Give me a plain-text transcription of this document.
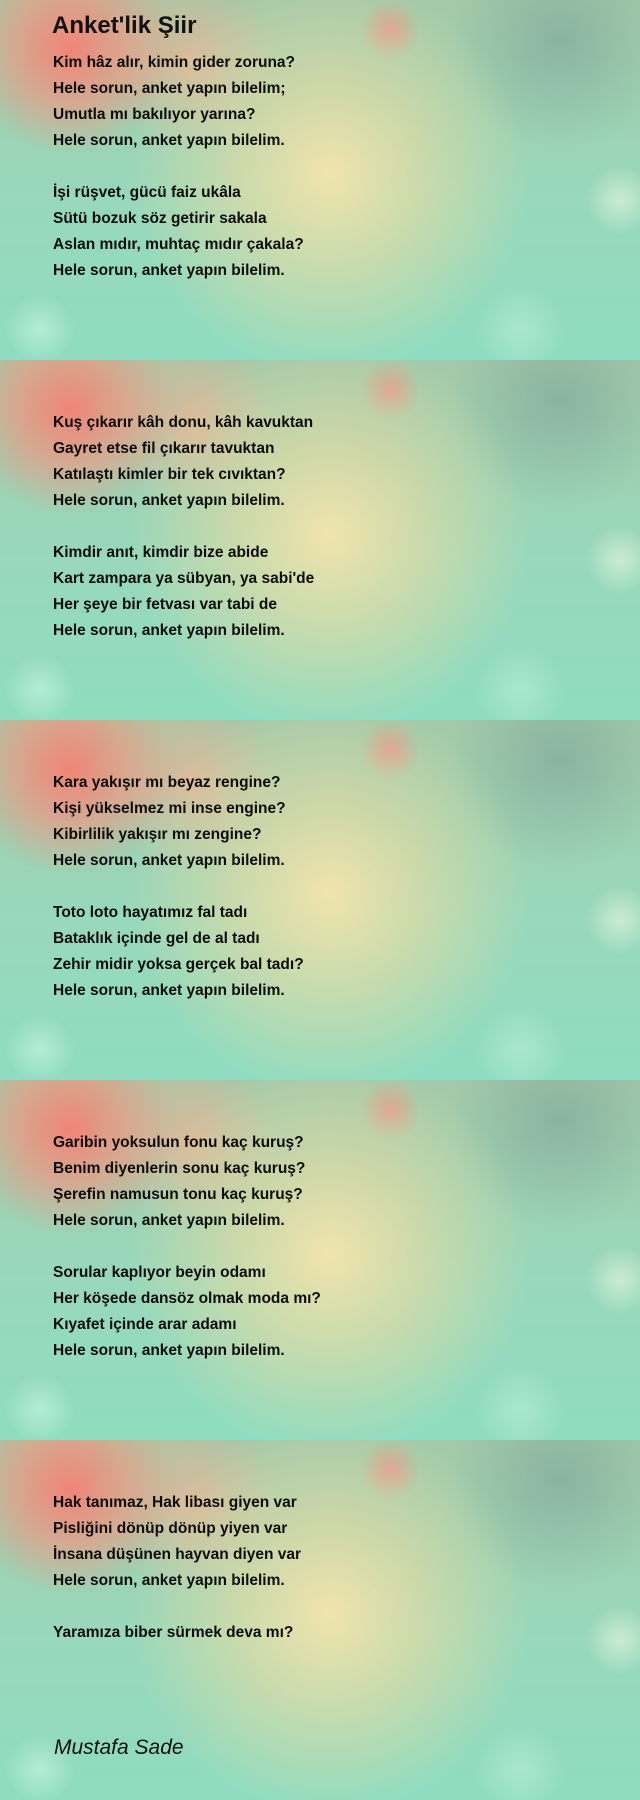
Anket'lik Şiir
Kim hâz alır, kimin gider zoruna?
Hele sorun, anket yapın bilelim;
Umutla mı bakılıyor yarına?
Hele sorun, anket yapın bilelim.
İşi rüşvet, gücü faiz ukâla
Sütü bozuk söz getirir sakala
Aslan mıdır, muhtaç mıdır çakala?
Hele sorun, anket yapın bilelim.
Kuş çıkarır kâh donu, kâh kavuktan
Gayret etse fil çıkarır tavuktan
Katılaştı kimler bir tek cıvıktan?
Hele sorun, anket yapın bilelim.
Kimdir anıt, kimdir bize abide
Kart zampara ya sübyan, ya sabi'de
Her şeye bir fetvası var tabi de
Hele sorun, anket yapın bilelim.
Kara yakışır mı beyaz rengine?
Kişi yükselmez mi inse engine?
Kibirlilik yakışır mı zengine?
Hele sorun, anket yapın bilelim.
Toto loto hayatımız fal tadı
Bataklık içinde gel de al tadı
Zehir midir yoksa gerçek bal tadı?
Hele sorun, anket yapın bilelim.
Garibin yoksulun fonu kaç kuruş?
Benim diyenlerin sonu kaç kuruş?
Şerefin namusun tonu kaç kuruş?
Hele sorun, anket yapın bilelim.
Sorular kaplıyor beyin odamı
Her köşede dansöz olmak moda mı?
Kıyafet içinde arar adamı
Hele sorun, anket yapın bilelim.
Hak tanımaz, Hak libası giyen var
Pisliğini dönüp dönüp yiyen var
İnsana düşünen hayvan diyen var
Hele sorun, anket yapın bilelim.
Yaramıza biber sürmek deva mı?
Mustafa Sade
